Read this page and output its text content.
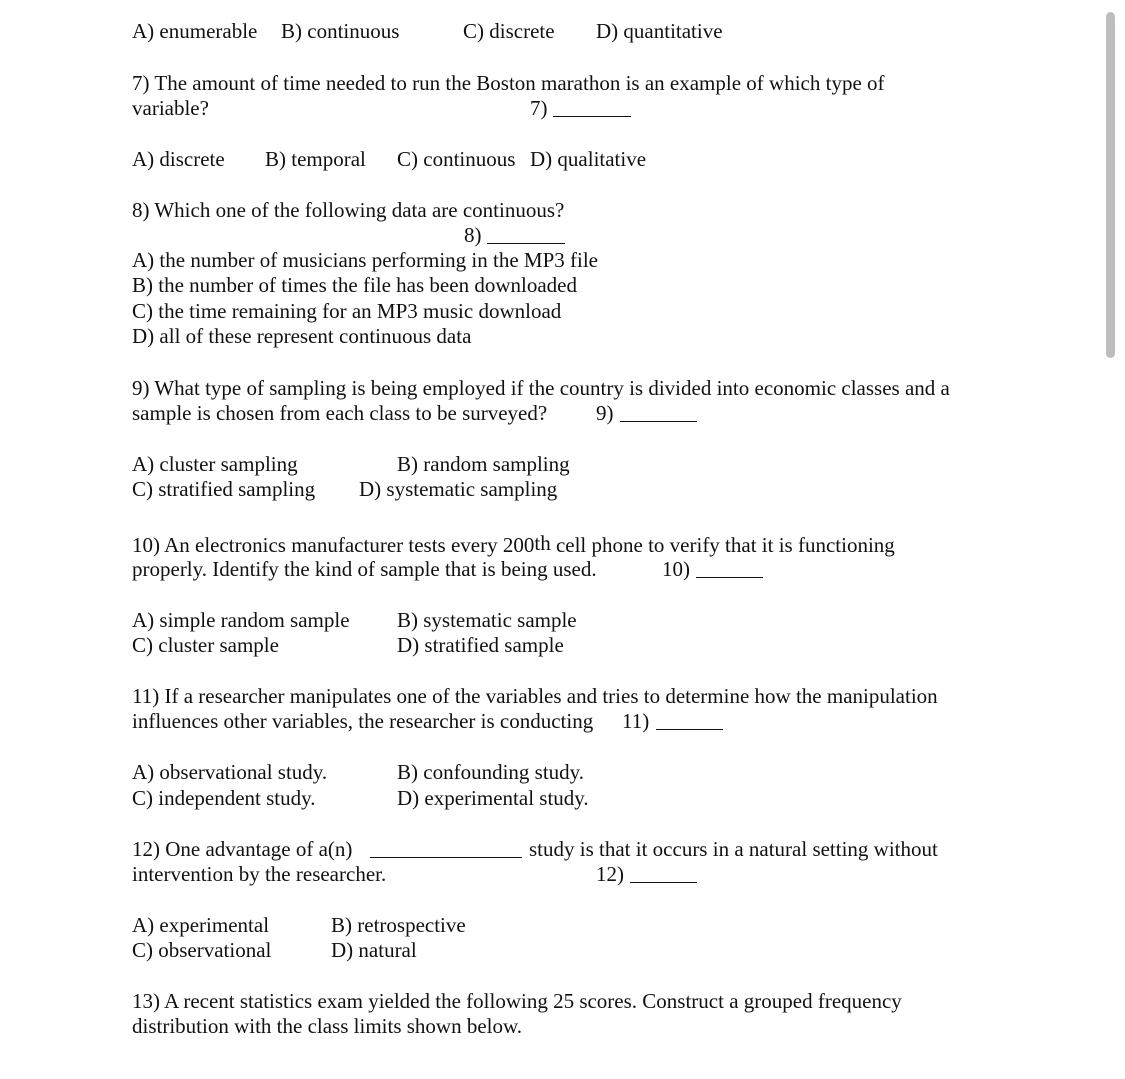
A) enumerable B) continuous	C) discrete D) quantitative
7) The amount of time needed to run the Boston marathon is an example of which type of
variable?	7)
A) discrete B) temporal C) continuous D) qualitative
8) Which one of the following data are continuous?
8)
A) the number of musicians performing in the MP3 file
B) the number of times the file has been downloaded
C) the time remaining for an MP3 music download
D) all of these represent continuous data
9) What type of sampling is being employed if the country is divided into economic classes and a
sample is chosen from each class to be surveyed? 9)
A) cluster sampling	B) random sampling
C) stratified sampling D) systematic sampling
10) An electronics manufacturer tests every 200th cell phone to verify that it is functioning
properly. Identify the kind of sample that is being used.	10)
A) simple random sample B) systematic sample
C) cluster sample	D) stratified sample
11) If a researcher manipulates one of the variables and tries to determine how the manipulation
influences other variables, the researcher is conducting 11)
A) observational study.	B) confounding study.
C) independent study.	D) experimental study.
12) One advantage of a(n)	study is that it occurs in a natural setting without
intervention by the researcher.	12)
A) experimental	B) retrospective
C) observational	D) natural
13) A recent statistics exam yielded the following 25 scores. Construct a grouped frequency
distribution with the class limits shown below.
